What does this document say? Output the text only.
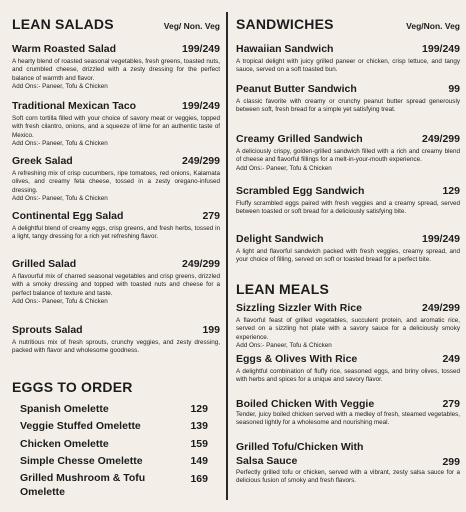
LEAN SALADS	Veg/ Non. Veg
Warm Roasted Salad	199/249
A hearty blend of roasted seasonal vegetables, fresh greens, toasted nuts, and crumbled cheese, drizzled with a zesty dressing for the perfect balance of warmth and flavor.
Add Ons:- Paneer, Tofu & Chicken
Traditional Mexican Taco	199/249
Soft corn tortilla filled with your choice of savory meat or veggies, topped with fresh cilantro, onions, and a squeeze of lime for an authentic taste of Mexico.
Add Ons:- Paneer, Tofu & Chicken
Greek Salad	249/299
A refreshing mix of crisp cucumbers, ripe tomatoes, red onions, Kalamata olives, and creamy feta cheese, tossed in a zesty oregano-infused dressing.
Add Ons:- Paneer, Tofu & Chicken
Continental Egg Salad	279
A delightful blend of creamy eggs, crisp greens, and fresh herbs, tossed in a light, tangy dressing for a rich yet refreshing flavor.
Grilled Salad	249/299
A flavourful mix of charred seasonal vegetables and crisp greens, drizzled with a smoky dressing and topped with toasted nuts and cheese for a perfect balance of texture and taste.
Add Ons:- Paneer, Tofu & Chicken
Sprouts Salad	199
A nutritious mix of fresh sprouts, crunchy veggies, and zesty dressing, packed with flavor and wholesome goodness.
EGGS TO ORDER
Spanish Omelette	129
Veggie Stuffed Omelette	139
Chicken Omelette	159
Simple Chesse Omelette	149
Grilled Mushroom & Tofu
Omelette
169
SANDWICHES	Veg/Non. Veg
Hawaiian Sandwich	199/249
A tropical delight with juicy grilled paneer or chicken, crisp lettuce, and tangy sauce, served on a soft toasted bun.
Peanut Butter Sandwich	99
A classic favorite with creamy or crunchy peanut butter spread generously between soft, fresh bread for a simple yet satisfying treat.
Creamy Grilled Sandwich	249/299
A deliciously crispy, golden-grilled sandwich filled with a rich and creamy blend of cheese and flavorful fillings for a melt-in-your-mouth experience.
Add Ons:- Paneer, Tofu & Chicken
Scrambled Egg Sandwich	129
Fluffy scrambled eggs paired with fresh veggies and a creamy spread, served between toasted or soft bread for a deliciously satisfying bite.
Delight Sandwich	199/249
A light and flavorful sandwich packed with fresh veggies, creamy spread, and your choice of filling, served on soft or toasted bread for a perfect bite.
LEAN MEALS
Sizzling Sizzler With Rice	249/299
A flavorful feast of grilled vegetables, succulent protein, and aromatic rice, served on a sizzling hot plate with a savory sauce for a deliciously smoky experience.
Add Ons:- Paneer, Tofu & Chicken
Eggs & Olives With Rice	249
A delightful combination of fluffy rice, seasoned eggs, and briny olives, tossed with herbs and spices for a unique and savory flavor.
Boiled Chicken With Veggie	279
Tender, juicy boiled chicken served with a medley of fresh, steamed vegetables, seasoned lightly for a wholesome and nourishing meal.
Grilled Tofu/Chicken With
Salsa Sauce	299
Perfectly grilled tofu or chicken, served with a vibrant, zesty salsa sauce for a delicious fusion of smoky and fresh flavors.
